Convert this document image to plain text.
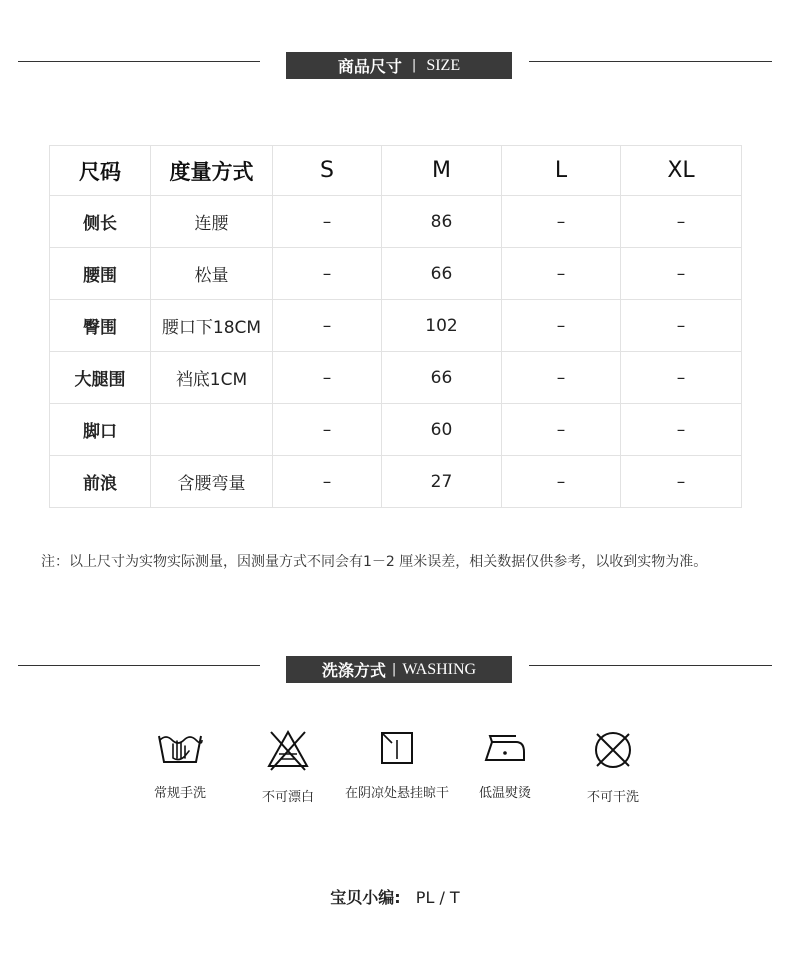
商品尺寸 | SIZE
尺码	度量方式	S	M	L	XL
侧长	连腰	–	86	–	–
腰围	松量	–	66	–	–
臀围	腰口下18CM	–	102	–	–
大腿围	裆底1CM	–	66	–	–
脚口		–	60	–	–
前浪	含腰弯量	–	27	–	–
注：以上尺寸为实物实际测量，因测量方式不同会有1－2 厘米误差，相关数据仅供参考，以收到实物为准。
洗涤方式 | WASHING
常规手洗	不可漂白	在阴凉处悬挂晾干	低温熨烫	不可干洗
宝贝小编: PL / T
